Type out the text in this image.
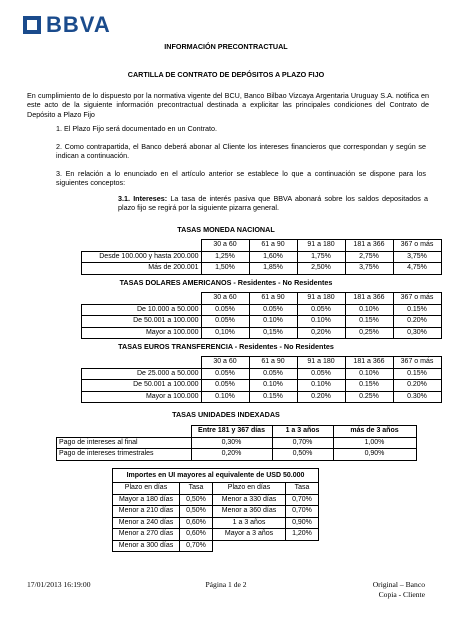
BBVA
INFORMACIÓN PRECONTRACTUAL
CARTILLA DE CONTRATO DE DEPÓSITOS A PLAZO FIJO
En cumplimiento de lo dispuesto por la normativa vigente del BCU, Banco Bilbao Vizcaya Argentaria Uruguay S.A. notifica en este acto de la siguiente información precontractual destinada a explicitar las principales condiciones del Contrato de Depósito a Plazo Fijo
1. El Plazo Fijo será documentado en un Contrato.
2. Como contrapartida, el Banco deberá abonar al Cliente los intereses financieros que correspondan y según se indican a continuación.
3. En relación a lo enunciado en el artículo anterior se establece lo que a continuación se dispone para los siguientes conceptos:
3.1. Intereses: La tasa de interés pasiva que BBVA abonará sobre los saldos depositados a plazo fijo se regirá por la siguiente pizarra general.
TASAS MONEDA NACIONAL
	30 a 60	61 a 90	91 a 180	181 a 366	367 o más
Desde 100.000 y hasta 200.000	1,25%	1,60%	1,75%	2,75%	3,75%
Más de 200.001	1,50%	1,85%	2,50%	3,75%	4,75%
TASAS DOLARES AMERICANOS - Residentes - No Residentes
	30 a 60	61 a 90	91 a 180	181 a 366	367 o más
De 10.000 a 50.000	0.05%	0.05%	0.05%	0.10%	0.15%
De 50.001 a 100.000	0.05%	0.10%	0.10%	0.15%	0.20%
Mayor a 100.000	0,10%	0,15%	0,20%	0,25%	0,30%
TASAS EUROS TRANSFERENCIA - Residentes - No Residentes
	30 a 60	61 a 90	91 a 180	181 a 366	367 o más
De 25.000 a 50.000	0.05%	0.05%	0.05%	0.10%	0.15%
De 50.001 a 100.000	0.05%	0.10%	0.10%	0.15%	0.20%
Mayor a 100.000	0.10%	0.15%	0.20%	0.25%	0.30%
TASAS UNIDADES INDEXADAS
	Entre 181 y 367 días	1 a 3 años	más de 3 años
Pago de intereses al final	0,30%	0,70%	1,00%
Pago de intereses trimestrales	0,20%	0,50%	0,90%
Importes en UI mayores al equivalente de USD 50.000			
Plazo en días	Tasa	Plazo en días	Tasa
Mayor a 180 días	0,50%	Menor a 330 días	0,70%
Menor a 210 días	0,50%	Menor a 360 días	0,70%
Menor a 240 días	0,60%	1 a 3 años	0,90%
Menor a 270 días	0,60%	Mayor a 3 años	1,20%
Menor a 300 días	0,70%		
17/01/2013 16:19:00	Página 1 de 2	Original – Banco
Copia - Cliente
